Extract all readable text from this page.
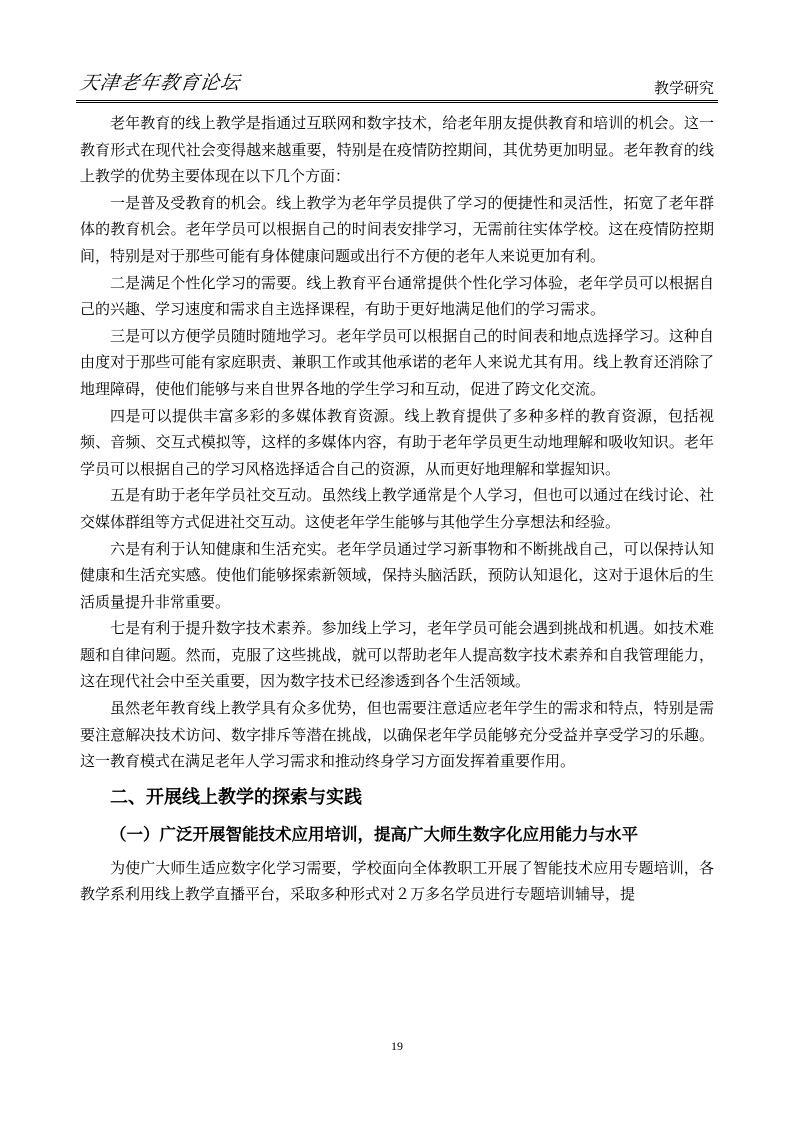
天津老年教育论坛	教学研究

老年教育的线上教学是指通过互联网和数字技术，给老年朋友提供教育和培训的机会。这一教育形式在现代社会变得越来越重要，特别是在疫情防控期间，其优势更加明显。老年教育的线上教学的优势主要体现在以下几个方面：

一是普及受教育的机会。线上教学为老年学员提供了学习的便捷性和灵活性，拓宽了老年群体的教育机会。老年学员可以根据自己的时间表安排学习，无需前往实体学校。这在疫情防控期间，特别是对于那些可能有身体健康问题或出行不方便的老年人来说更加有利。

二是满足个性化学习的需要。线上教育平台通常提供个性化学习体验，老年学员可以根据自己的兴趣、学习速度和需求自主选择课程，有助于更好地满足他们的学习需求。

三是可以方便学员随时随地学习。老年学员可以根据自己的时间表和地点选择学习。这种自由度对于那些可能有家庭职责、兼职工作或其他承诺的老年人来说尤其有用。线上教育还消除了地理障碍，使他们能够与来自世界各地的学生学习和互动，促进了跨文化交流。

四是可以提供丰富多彩的多媒体教育资源。线上教育提供了多种多样的教育资源，包括视频、音频、交互式模拟等，这样的多媒体内容，有助于老年学员更生动地理解和吸收知识。老年学员可以根据自己的学习风格选择适合自己的资源，从而更好地理解和掌握知识。

五是有助于老年学员社交互动。虽然线上教学通常是个人学习，但也可以通过在线讨论、社交媒体群组等方式促进社交互动。这使老年学生能够与其他学生分享想法和经验。

六是有利于认知健康和生活充实。老年学员通过学习新事物和不断挑战自己，可以保持认知健康和生活充实感。使他们能够探索新领域，保持头脑活跃，预防认知退化，这对于退休后的生活质量提升非常重要。

七是有利于提升数字技术素养。参加线上学习，老年学员可能会遇到挑战和机遇。如技术难题和自律问题。然而，克服了这些挑战，就可以帮助老年人提高数字技术素养和自我管理能力，这在现代社会中至关重要，因为数字技术已经渗透到各个生活领域。

虽然老年教育线上教学具有众多优势，但也需要注意适应老年学生的需求和特点，特别是需要注意解决技术访问、数字排斥等潜在挑战，以确保老年学员能够充分受益并享受学习的乐趣。这一教育模式在满足老年人学习需求和推动终身学习方面发挥着重要作用。

二、开展线上教学的探索与实践
（一）广泛开展智能技术应用培训，提高广大师生数字化应用能力与水平

为使广大师生适应数字化学习需要，学校面向全体教职工开展了智能技术应用专题培训，各教学系利用线上教学直播平台，采取多种形式对２万多名学员进行专题培训辅导，提

19
